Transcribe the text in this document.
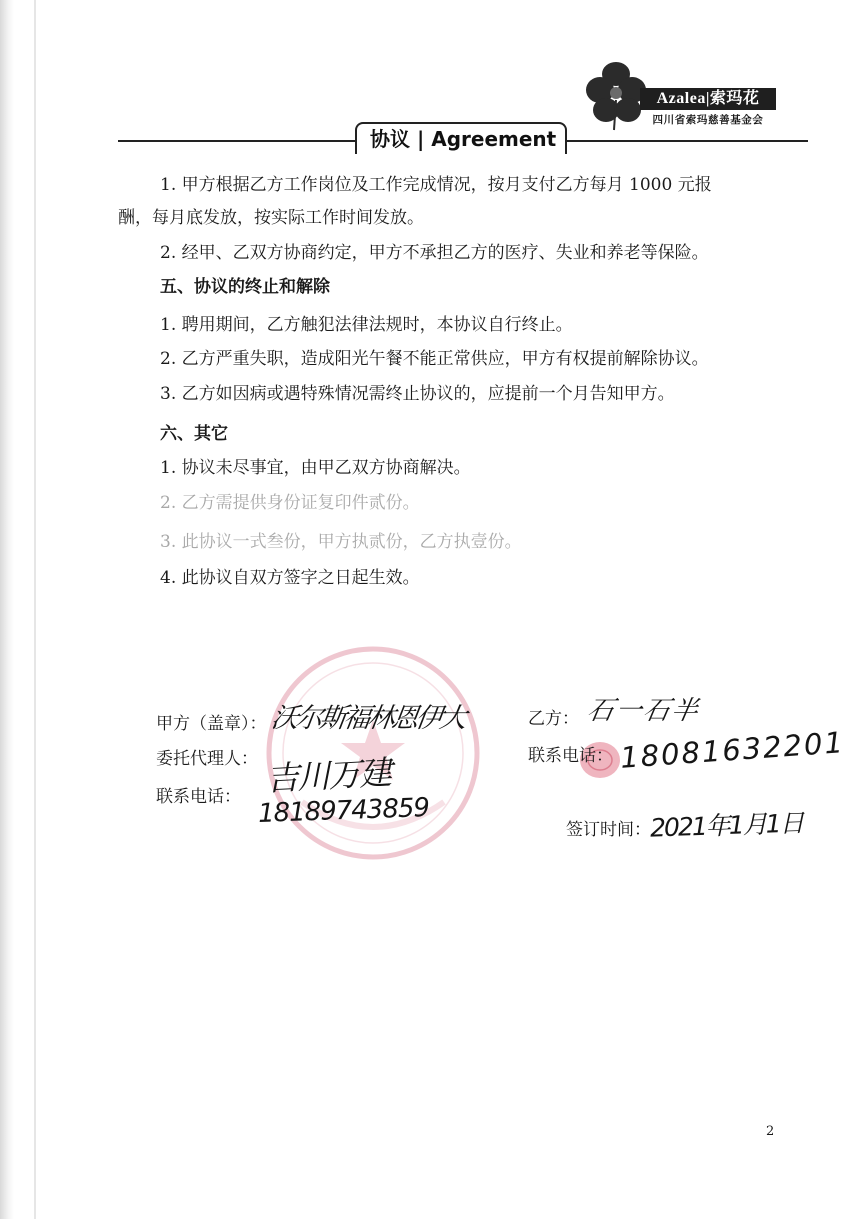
Azalea|索玛花
四川省索玛慈善基金会
协议 | Agreement
1. 甲方根据乙方工作岗位及工作完成情况，按月支付乙方每月 1000 元报
酬，每月底发放，按实际工作时间发放。
2. 经甲、乙双方协商约定，甲方不承担乙方的医疗、失业和养老等保险。
五、协议的终止和解除
1. 聘用期间，乙方触犯法律法规时，本协议自行终止。
2. 乙方严重失职，造成阳光午餐不能正常供应，甲方有权提前解除协议。
3. 乙方如因病或遇特殊情况需终止协议的，应提前一个月告知甲方。
六、其它
1. 协议未尽事宜，由甲乙双方协商解决。
2. 乙方需提供身份证复印件贰份。
3. 此协议一式叁份，甲方执贰份，乙方执壹份。
4. 此协议自双方签字之日起生效。
甲方（盖章）： 沃尔斯福林恩伊大
委托代理人： 吉川万建
联系电话： 18189743859
乙方： 石一石半
联系电话： 18081632201
签订时间：
2021年1月1日
2
